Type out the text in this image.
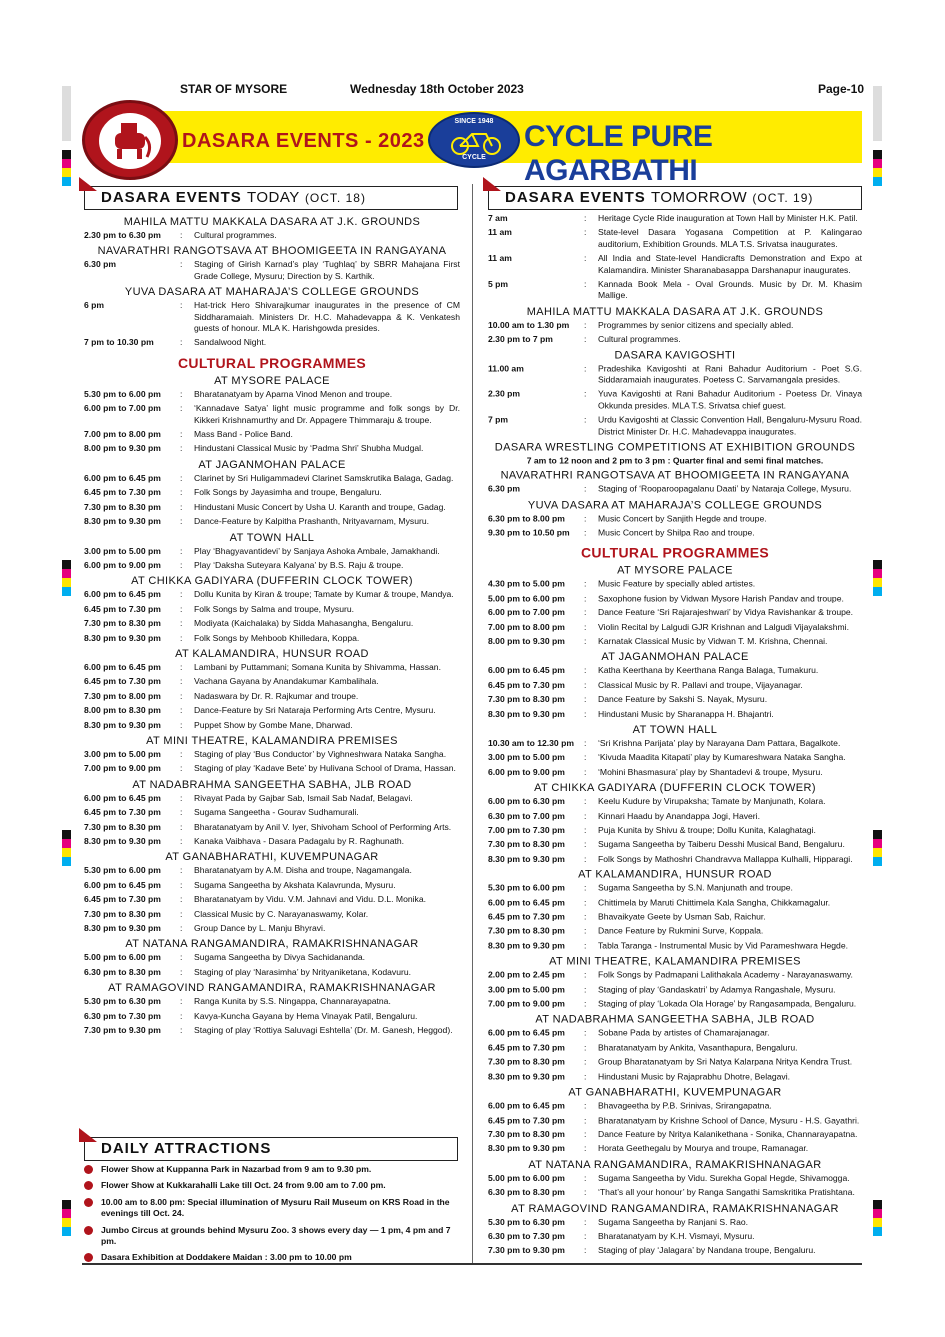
STAR OF MYSORE	Wednesday 18th October 2023	Page-10
DASARA EVENTS - 2023
SINCE 1948
CYCLE
CYCLE PURE AGARBATHI
DASARA EVENTS TODAY (OCT. 18)	DASARA EVENTS TOMORROW (OCT. 19)
MAHILA MATTU MAKKALA DASARA AT J.K. GROUNDS
2.30 pm to 6.30 pm	:	Cultural programmes.
NAVARATHRI RANGOTSAVA AT BHOOMIGEETA IN RANGAYANA
6.30 pm	:	Staging of Girish Karnad’s play ‘Tughlaq’ by SBRR Mahajana First Grade College, Mysuru; Direction by S. Karthik.
YUVA DASARA AT MAHARAJA’S COLLEGE GROUNDS
6 pm	:	Hat-trick Hero Shivarajkumar inaugurates in the presence of CM Siddharamaiah. Ministers Dr. H.C. Mahadevappa & K. Venkatesh guests of honour. MLA K. Harishgowda presides.
7 pm to 10.30 pm	:	Sandalwood Night.
CULTURAL PROGRAMMES
AT MYSORE PALACE
5.30 pm to 6.00 pm	:	Bharatanatyam by Aparna Vinod Menon and troupe.
6.00 pm to 7.00 pm	:	‘Kannadave Satya’ light music programme and folk songs by Dr. Kikkeri Krishnamurthy and Dr. Appagere Thimmaraju & troupe.
7.00 pm to 8.00 pm	:	Mass Band - Police Band.
8.00 pm to 9.30 pm	:	Hindustani Classical Music by ‘Padma Shri’ Shubha Mudgal.
AT JAGANMOHAN PALACE
6.00 pm to 6.45 pm	:	Clarinet by Sri Huligammadevi Clarinet Samskrutika Balaga, Gadag.
6.45 pm to 7.30 pm	:	Folk Songs by Jayasimha and troupe, Bengaluru.
7.30 pm to 8.30 pm	:	Hindustani Music Concert by Usha U. Karanth and troupe, Gadag.
8.30 pm to 9.30 pm	:	Dance-Feature by Kalpitha Prashanth, Nrityavarnam, Mysuru.
AT TOWN HALL
3.00 pm to 5.00 pm	:	Play ‘Bhagyavantidevi’ by Sanjaya Ashoka Ambale, Jamakhandi.
6.00 pm to 9.00 pm	:	Play ‘Daksha Suteyara Kalyana’ by B.S. Raju & troupe.
AT CHIKKA GADIYARA (DUFFERIN CLOCK TOWER)
6.00 pm to 6.45 pm	:	Dollu Kunita by Kiran & troupe; Tamate by Kumar & troupe, Mandya.
6.45 pm to 7.30 pm	:	Folk Songs by Salma and troupe, Mysuru.
7.30 pm to 8.30 pm	:	Modiyata (Kaichalaka) by Sidda Mahasangha, Bengaluru.
8.30 pm to 9.30 pm	:	Folk Songs by Mehboob Khilledara, Koppa.
AT KALAMANDIRA, HUNSUR ROAD
6.00 pm to 6.45 pm	:	Lambani by Puttammani; Somana Kunita by Shivamma, Hassan.
6.45 pm to 7.30 pm	:	Vachana Gayana by Anandakumar Kambalihala.
7.30 pm to 8.00 pm	:	Nadaswara by Dr. R. Rajkumar and troupe.
8.00 pm to 8.30 pm	:	Dance-Feature by Sri Nataraja Performing Arts Centre, Mysuru.
8.30 pm to 9.30 pm	:	Puppet Show by Gombe Mane, Dharwad.
AT MINI THEATRE, KALAMANDIRA PREMISES
3.00 pm to 5.00 pm	:	Staging of play ‘Bus Conductor’ by Vighneshwara Nataka Sangha.
7.00 pm to 9.00 pm	:	Staging of play ‘Kadave Bete’ by Hulivana School of Drama, Hassan.
AT NADABRAHMA SANGEETHA SABHA, JLB ROAD
6.00 pm to 6.45 pm	:	Rivayat Pada by Gajbar Sab, Ismail Sab Nadaf, Belagavi.
6.45 pm to 7.30 pm	:	Sugama Sangeetha - Gourav Sudhamurali.
7.30 pm to 8.30 pm	:	Bharatanatyam by Anil V. Iyer, Shivoham School of Performing Arts.
8.30 pm to 9.30 pm	:	Kanaka Vaibhava - Dasara Padagalu by R. Raghunath.
AT GANABHARATHI, KUVEMPUNAGAR
5.30 pm to 6.00 pm	:	Bharatanatyam by A.M. Disha and troupe, Nagamangala.
6.00 pm to 6.45 pm	:	Sugama Sangeetha by Akshata Kalavrunda, Mysuru.
6.45 pm to 7.30 pm	:	Bharatanatyam by Vidu. V.M. Jahnavi and Vidu. D.L. Monika.
7.30 pm to 8.30 pm	:	Classical Music by C. Narayanaswamy, Kolar.
8.30 pm to 9.30 pm	:	Group Dance by L. Manju Bhyravi.
AT NATANA RANGAMANDIRA, RAMAKRISHNANAGAR
5.00 pm to 6.00 pm	:	Sugama Sangeetha by Divya Sachidananda.
6.30 pm to 8.30 pm	:	Staging of play ‘Narasimha’ by Nrityaniketana, Kodavuru.
AT RAMAGOVIND RANGAMANDIRA, RAMAKRISHNANAGAR
5.30 pm to 6.30 pm	:	Ranga Kunita by S.S. Ningappa, Channarayapatna.
6.30 pm to 7.30 pm	:	Kavya-Kuncha Gayana by Hema Vinayak Patil, Bengaluru.
7.30 pm to 9.30 pm	:	Staging of play ‘Rottiya Saluvagi Eshtella’ (Dr. M. Ganesh, Heggod).
DAILY ATTRACTIONS
Flower Show at Kuppanna Park in Nazarbad from 9 am to 9.30 pm.
Flower Show at Kukkarahalli Lake till Oct. 24 from 9.00 am to 7.00 pm.
10.00 am to 8.00 pm: Special illumination of Mysuru Rail Museum on KRS Road in the evenings till Oct. 24.
Jumbo Circus at grounds behind Mysuru Zoo. 3 shows every day — 1 pm, 4 pm and 7 pm.
Dasara Exhibition at Doddakere Maidan : 3.00 pm to 10.00 pm
7 am	:	Heritage Cycle Ride inauguration at Town Hall by Minister H.K. Patil.
11 am	:	State-level Dasara Yogasana Competition at P. Kalingarao auditorium, Exhibition Grounds. MLA T.S. Srivatsa inaugurates.
11 am	:	All India and State-level Handicrafts Demonstration and Expo at Kalamandira. Minister Sharanabasappa Darshanapur inaugurates.
5 pm	:	Kannada Book Mela - Oval Grounds. Music by Dr. M. Khasim Mallige.
MAHILA MATTU MAKKALA DASARA AT J.K. GROUNDS
10.00 am to 1.30 pm	:	Programmes by senior citizens and specially abled.
2.30 pm to 7 pm	:	Cultural programmes.
DASARA KAVIGOSHTI
11.00 am	:	Pradeshika Kavigoshti at Rani Bahadur Auditorium - Poet S.G. Siddaramaiah inaugurates. Poetess C. Sarvamangala presides.
2.30 pm	:	Yuva Kavigoshti at Rani Bahadur Auditorium - Poetess Dr. Vinaya Okkunda presides. MLA T.S. Srivatsa chief guest.
7 pm	:	Urdu Kavigoshti at Classic Convention Hall, Bengaluru-Mysuru Road. District Minister Dr. H.C. Mahadevappa inaugurates.
DASARA WRESTLING COMPETITIONS AT EXHIBITION GROUNDS
7 am to 12 noon and 2 pm to 3 pm : Quarter final and semi final matches.
NAVARATHRI RANGOTSAVA AT BHOOMIGEETA IN RANGAYANA
6.30 pm	:	Staging of ‘Rooparoopagalanu Daati’ by Nataraja College, Mysuru.
YUVA DASARA AT MAHARAJA’S COLLEGE GROUNDS
6.30 pm to 8.00 pm	:	Music Concert by Sanjith Hegde and troupe.
9.30 pm to 10.50 pm	:	Music Concert by Shilpa Rao and troupe.
CULTURAL PROGRAMMES
AT MYSORE PALACE
4.30 pm to 5.00 pm	:	Music Feature by specially abled artistes.
5.00 pm to 6.00 pm	:	Saxophone fusion by Vidwan Mysore Harish Pandav and troupe.
6.00 pm to 7.00 pm	:	Dance Feature ‘Sri Rajarajeshwari’ by Vidya Ravishankar & troupe.
7.00 pm to 8.00 pm	:	Violin Recital by Lalgudi GJR Krishnan and Lalgudi Vijayalakshmi.
8.00 pm to 9.30 pm	:	Karnatak Classical Music by Vidwan T. M. Krishna, Chennai.
AT JAGANMOHAN PALACE
6.00 pm to 6.45 pm	:	Katha Keerthana by Keerthana Ranga Balaga, Tumakuru.
6.45 pm to 7.30 pm	:	Classical Music by R. Pallavi and troupe, Vijayanagar.
7.30 pm to 8.30 pm	:	Dance Feature by Sakshi S. Nayak, Mysuru.
8.30 pm to 9.30 pm	:	Hindustani Music by Sharanappa H. Bhajantri.
AT TOWN HALL
10.30 am to 12.30 pm	:	‘Sri Krishna Parijata’ play by Narayana Dam Pattara, Bagalkote.
3.00 pm to 5.00 pm	:	‘Kivuda Maadita Kitapati’ play by Kumareshwara Nataka Sangha.
6.00 pm to 9.00 pm	:	‘Mohini Bhasmasura’ play by Shantadevi & troupe, Mysuru.
AT CHIKKA GADIYARA (DUFFERIN CLOCK TOWER)
6.00 pm to 6.30 pm	:	Keelu Kudure by Virupaksha; Tamate by Manjunath, Kolara.
6.30 pm to 7.00 pm	:	Kinnari Haadu by Anandappa Jogi, Haveri.
7.00 pm to 7.30 pm	:	Puja Kunita by Shivu & troupe; Dollu Kunita, Kalaghatagi.
7.30 pm to 8.30 pm	:	Sugama Sangeetha by Taiberu Desshi Musical Band, Bengaluru.
8.30 pm to 9.30 pm	:	Folk Songs by Mathoshri Chandravva Mallappa Kulhalli, Hipparagi.
AT KALAMANDIRA, HUNSUR ROAD
5.30 pm to 6.00 pm	:	Sugama Sangeetha by S.N. Manjunath and troupe.
6.00 pm to 6.45 pm	:	Chittimela by Maruti Chittimela Kala Sangha, Chikkamagalur.
6.45 pm to 7.30 pm	:	Bhavaikyate Geete by Usman Sab, Raichur.
7.30 pm to 8.30 pm	:	Dance Feature by Rukmini Surve, Koppala.
8.30 pm to 9.30 pm	:	Tabla Taranga - Instrumental Music by Vid Parameshwara Hegde.
AT MINI THEATRE, KALAMANDIRA PREMISES
2.00 pm to 2.45 pm	:	Folk Songs by Padmapani Lalithakala Academy - Narayanaswamy.
3.00 pm to 5.00 pm	:	Staging of play ‘Gandaskatri’ by Adamya Rangashale, Mysuru.
7.00 pm to 9.00 pm	:	Staging of play ‘Lokada Ola Horage’ by Rangasampada, Bengaluru.
AT NADABRAHMA SANGEETHA SABHA, JLB ROAD
6.00 pm to 6.45 pm	:	Sobane Pada by artistes of Chamarajanagar.
6.45 pm to 7.30 pm	:	Bharatanatyam by Ankita, Vasanthapura, Bengaluru.
7.30 pm to 8.30 pm	:	Group Bharatanatyam by Sri Natya Kalarpana Nritya Kendra Trust.
8.30 pm to 9.30 pm	:	Hindustani Music by Rajaprabhu Dhotre, Belagavi.
AT GANABHARATHI, KUVEMPUNAGAR
6.00 pm to 6.45 pm	:	Bhavageetha by P.B. Srinivas, Srirangapatna.
6.45 pm to 7.30 pm	:	Bharatanatyam by Krishne School of Dance, Mysuru - H.S. Gayathri.
7.30 pm to 8.30 pm	:	Dance Feature by Nritya Kalanikethana - Sonika, Channarayapatna.
8.30 pm to 9.30 pm	:	Horata Geethegalu by Mourya and troupe, Ramanagar.
AT NATANA RANGAMANDIRA, RAMAKRISHNANAGAR
5.00 pm to 6.00 pm	:	Sugama Sangeetha by Vidu. Surekha Gopal Hegde, Shivamogga.
6.30 pm to 8.30 pm	:	‘That’s all your honour’ by Ranga Sangathi Samskritika Pratishtana.
AT RAMAGOVIND RANGAMANDIRA, RAMAKRISHNANAGAR
5.30 pm to 6.30 pm	:	Sugama Sangeetha by Ranjani S. Rao.
6.30 pm to 7.30 pm	:	Bharatanatyam by K.H. Vismayi, Mysuru.
7.30 pm to 9.30 pm	:	Staging of play ‘Jalagara’ by Nandana troupe, Bengaluru.
